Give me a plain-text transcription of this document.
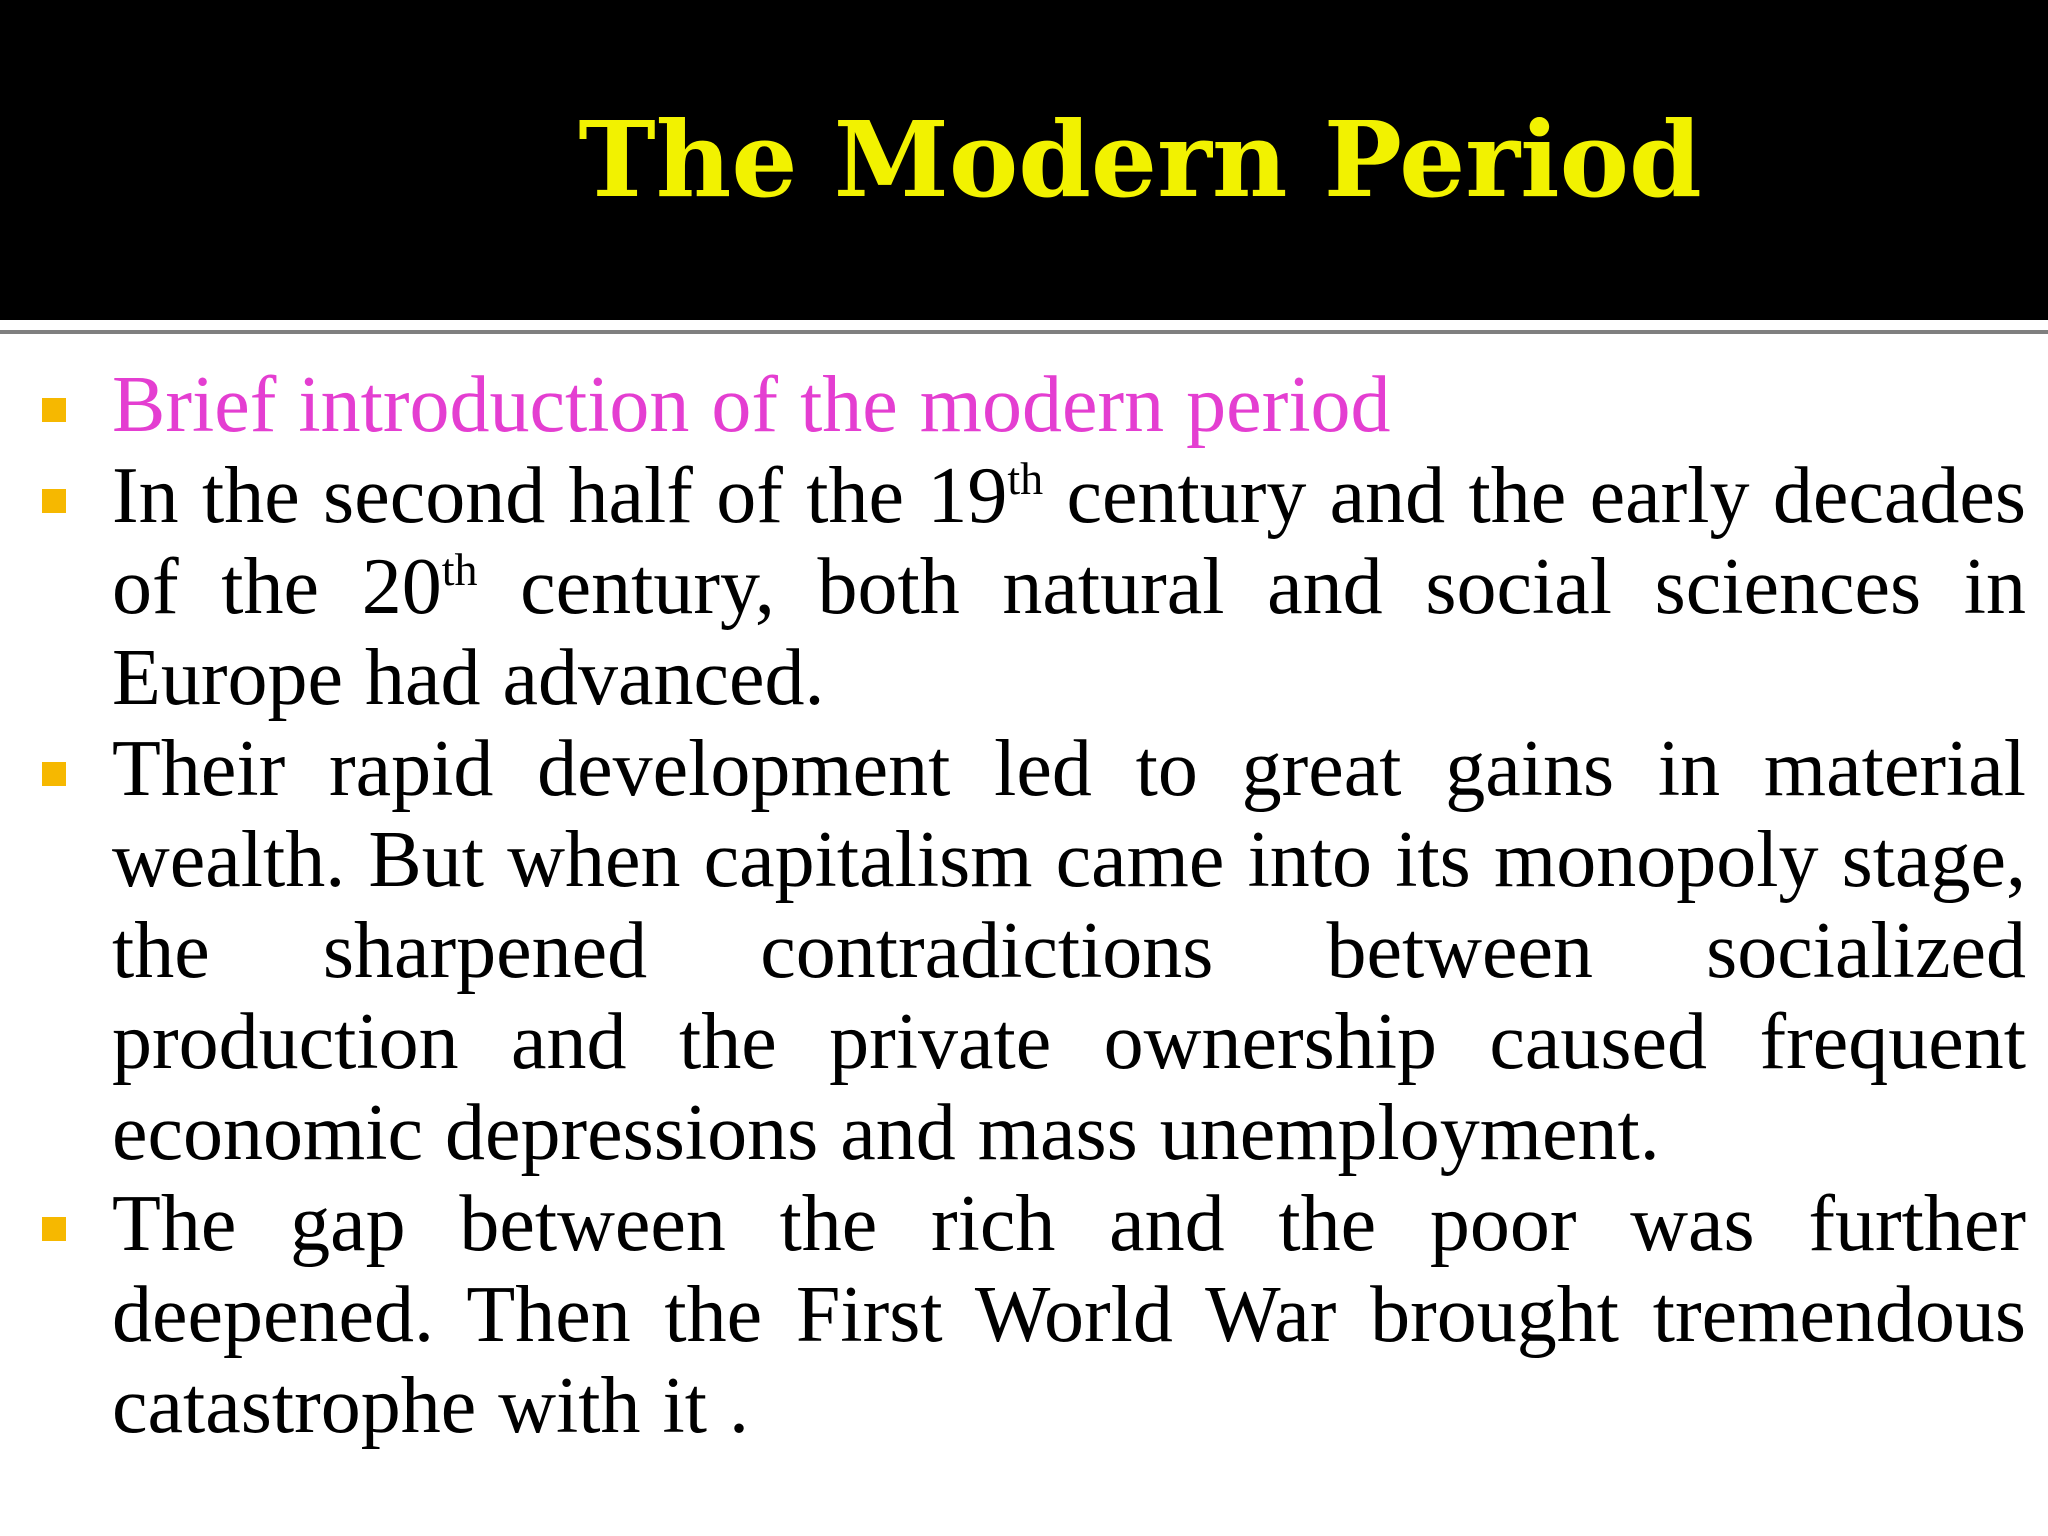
The Modern Period
Brief introduction of the modern period
In the second half of the 19th century and the early decades of the 20th century, both natural and social sciences in Europe had advanced.
Their rapid development led to great gains in material wealth. But when capitalism came into its monopoly stage, the sharpened contradictions between socialized production and the private ownership caused frequent economic depressions and mass unemployment.
The gap between the rich and the poor was further deepened. Then the First World War brought tremendous catastrophe with it .
